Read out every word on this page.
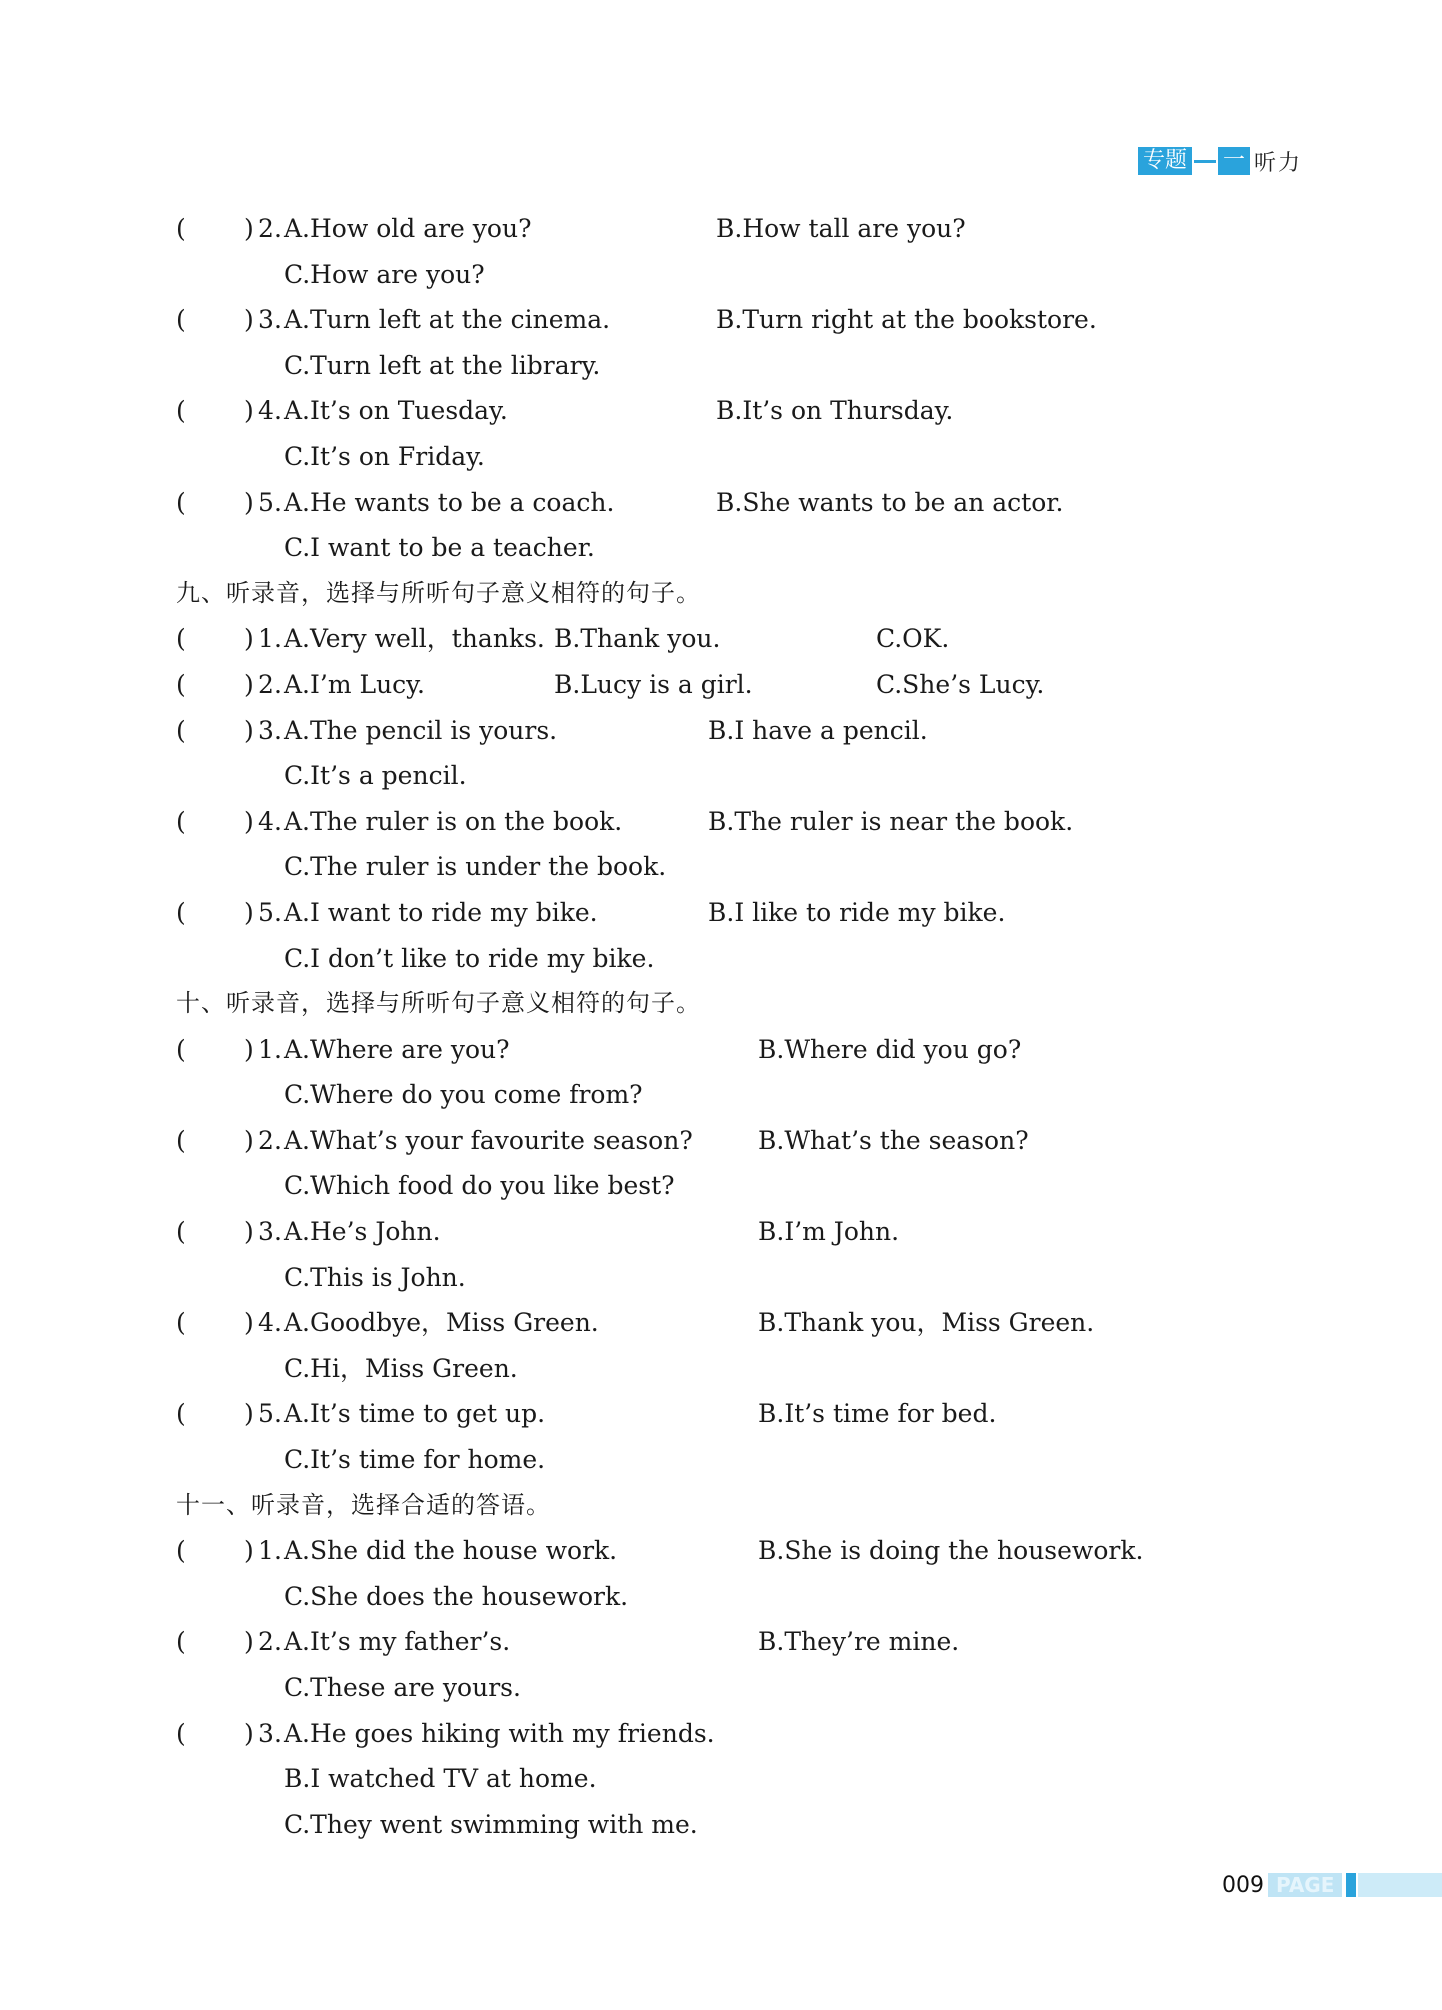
专题 一 听力
( ) 2 . A.How old are you?	B.How tall are you?
C.How are you?
( ) 3 . A.Turn left at the cinema.	B.Turn right at the bookstore.
C.Turn left at the library.
( ) 4 . A.It’s on Tuesday.	B.It’s on Thursday.
C.It’s on Friday.
( ) 5 . A.He wants to be a coach.	B.She wants to be an actor.
C.I want to be a teacher.
九、听录音，选择与所听句子意义相符的句子。
( ) 1 . A.Very well，thanks. B.Thank you.	C.OK.
( ) 2 . A.I’m Lucy.	B.Lucy is a girl.	C.She’s Lucy.
( ) 3 . A.The pencil is yours.	B.I have a pencil.
C.It’s a pencil.
( ) 4 . A.The ruler is on the book.	B.The ruler is near the book.
C.The ruler is under the book.
( ) 5 . A.I want to ride my bike.	B.I like to ride my bike.
C.I don’t like to ride my bike.
十、听录音，选择与所听句子意义相符的句子。
( ) 1 . A.Where are you?	B.Where did you go?
C.Where do you come from?
( ) 2 . A.What’s your favourite season?	B.What’s the season?
C.Which food do you like best?
( ) 3 . A.He’s John.	B.I’m John.
C.This is John.
( ) 4 . A.Goodbye，Miss Green.	B.Thank you，Miss Green.
C.Hi，Miss Green.
( ) 5 . A.It’s time to get up.	B.It’s time for bed.
C.It’s time for home.
十一、听录音，选择合适的答语。
( ) 1 . A.She did the house work.	B.She is doing the housework.
C.She does the housework.
( ) 2 . A.It’s my father’s.	B.They’re mine.
C.These are yours.
( ) 3 . A.He goes hiking with my friends.
B.I watched TV at home.
C.They went swimming with me.
009 PAGE
